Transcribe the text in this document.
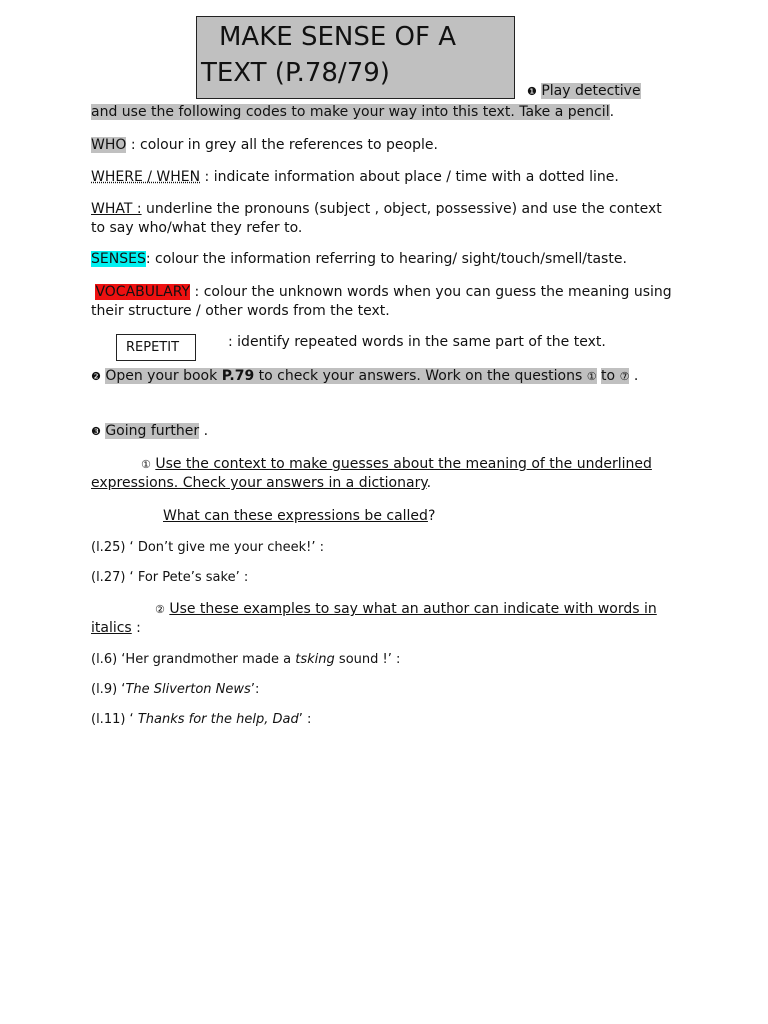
MAKE SENSE OF A
TEXT (P.78/79)
❶ Play detective
and use the following codes to make your way into this text. Take a pencil.
WHO : colour in grey all the references to people.
WHERE / WHEN : indicate information about place / time with a dotted line.
WHAT : underline the pronouns (subject , object, possessive) and use the context to say who/what they refer to.
SENSES: colour the information referring to hearing/ sight/touch/smell/taste.
VOCABULARY : colour the unknown words when you can guess the meaning using their structure / other words from the text.
REPETIT	: identify repeated words in the same part of the text.
❷ Open your book P.79 to check your answers. Work on the questions ① to ⑦ .
❸ Going further .
① Use the context to make guesses about the meaning of the underlined expressions. Check your answers in a dictionary.
What can these expressions be called?
(l.25) ‘ Don’t give me your cheek!’ :
(l.27) ‘ For Pete’s sake’ :
② Use these examples to say what an author can indicate with words in italics :
(l.6) ‘Her grandmother made a tsking sound !’ :
(l.9) ‘The Sliverton News’:
(l.11) ‘ Thanks for the help, Dad’ :
